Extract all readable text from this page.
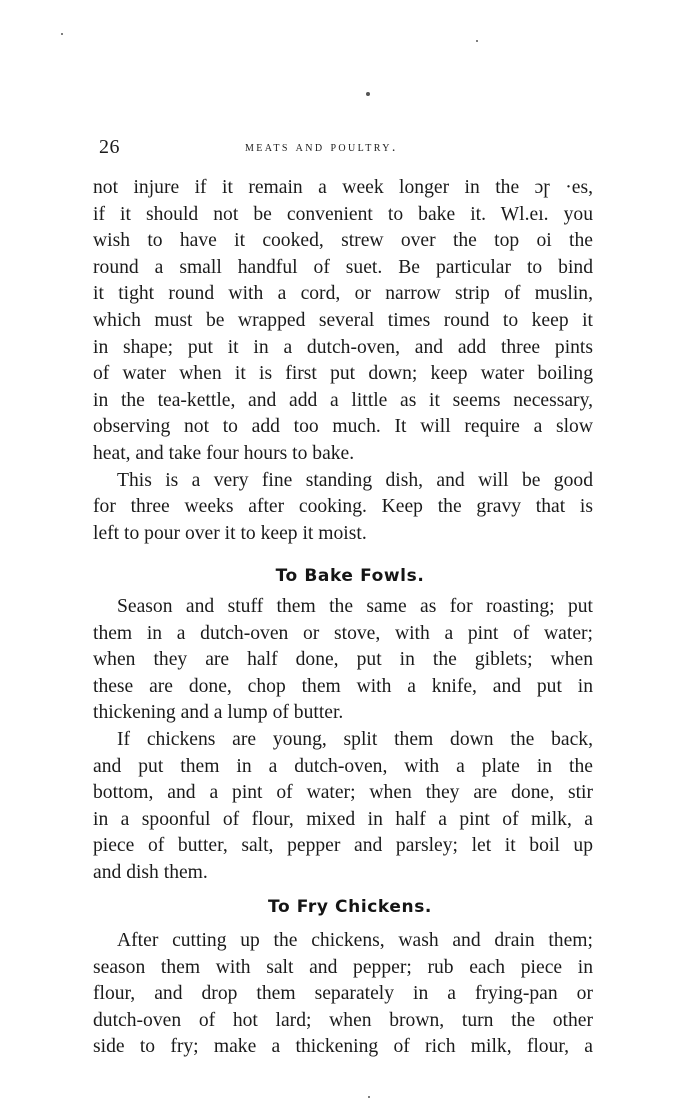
26	meats and poultry.
not injure if it remain a week longer in the ɔɼ ·es,
if it should not be convenient to bake it. Wl.eı. you
wish to have it cooked, strew over the top oi the
round a small handful of suet. Be particular to bind
it tight round with a cord, or narrow strip of muslin,
which must be wrapped several times round to keep it
in shape; put it in a dutch-oven, and add three pints
of water when it is first put down; keep water boiling
in the tea-kettle, and add a little as it seems necessary,
observing not to add too much. It will require a slow
heat, and take four hours to bake.
This is a very fine standing dish, and will be good
for three weeks after cooking. Keep the gravy that is
left to pour over it to keep it moist.
To Bake Fowls.
Season and stuff them the same as for roasting; put
them in a dutch-oven or stove, with a pint of water;
when they are half done, put in the giblets; when
these are done, chop them with a knife, and put in
thickening and a lump of butter.
If chickens are young, split them down the back,
and put them in a dutch-oven, with a plate in the
bottom, and a pint of water; when they are done, stir
in a spoonful of flour, mixed in half a pint of milk, a
piece of butter, salt, pepper and parsley; let it boil up
and dish them.
To Fry Chickens.
After cutting up the chickens, wash and drain them;
season them with salt and pepper; rub each piece in
flour, and drop them separately in a frying-pan or
dutch-oven of hot lard; when brown, turn the other
side to fry; make a thickening of rich milk, flour, a
